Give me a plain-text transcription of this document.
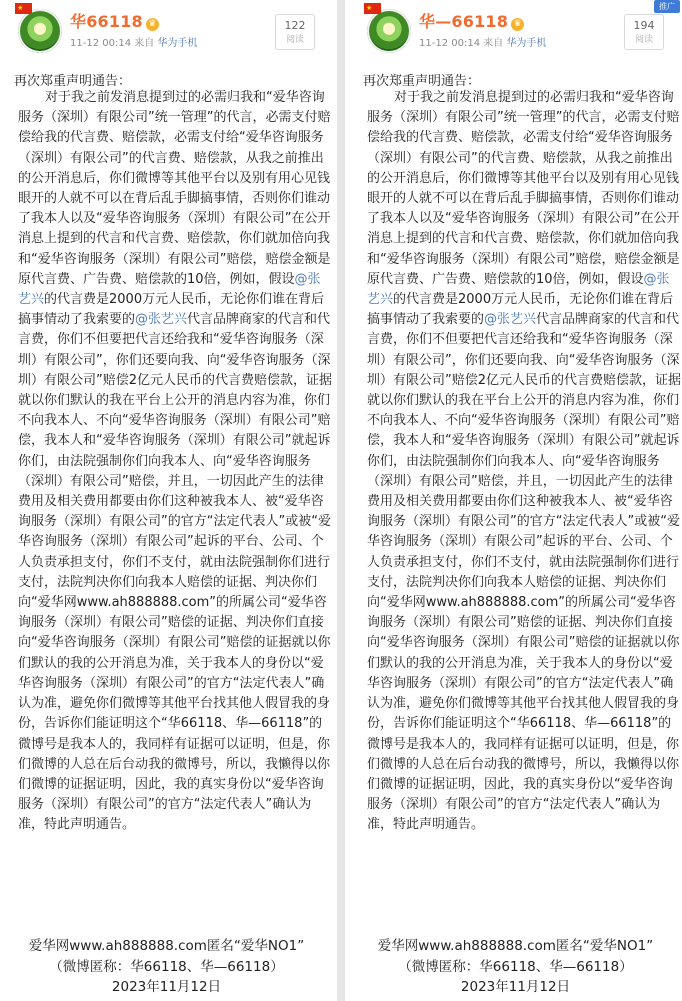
★
华66118 ♛
11-12 00:14 来自 华为手机
122
阅读
再次郑重声明通告：

对于我之前发消息提到过的必需归我和“爱华咨询服务（深圳）有限公司”统一管理”的代言，必需支付赔偿给我的代言费、赔偿款，必需支付给“爱华咨询服务（深圳）有限公司”的代言费、赔偿款，从我之前推出的公开消息后，你们微博等其他平台以及别有用心见钱眼开的人就不可以在背后乱手脚搞事情，否则你们谁动了我本人以及“爱华咨询服务（深圳）有限公司”在公开消息上提到的代言和代言费、赔偿款，你们就加倍向我和“爱华咨询服务（深圳）有限公司”赔偿，赔偿金额是原代言费、广告费、赔偿款的10倍，例如，假设@张艺兴的代言费是2000万元人民币，无论你们谁在背后搞事情动了我索要的@张艺兴代言品牌商家的代言和代言费，你们不但要把代言还给我和“爱华咨询服务（深圳）有限公司”，你们还要向我、向“爱华咨询服务（深圳）有限公司”赔偿2亿元人民币的代言费赔偿款，证据就以你们默认的我在平台上公开的消息内容为准，你们不向我本人、不向“爱华咨询服务（深圳）有限公司”赔偿，我本人和“爱华咨询服务（深圳）有限公司”就起诉你们，由法院强制你们向我本人、向“爱华咨询服务（深圳）有限公司”赔偿，并且，一切因此产生的法律费用及相关费用都要由你们这种被我本人、被“爱华咨询服务（深圳）有限公司”的官方“法定代表人”或被“爱华咨询服务（深圳）有限公司”起诉的平台、公司、个人负责承担支付，你们不支付，就由法院强制你们进行支付，法院判决你们向我本人赔偿的证据、判决你们向“爱华网www.ah888888.com”的所属公司“爱华咨询服务（深圳）有限公司”赔偿的证据、判决你们直接向“爱华咨询服务（深圳）有限公司”赔偿的证据就以你们默认的我的公开消息为准，关于我本人的身份以“爱华咨询服务（深圳）有限公司”的官方“法定代表人”确认为准，避免你们微博等其他平台找其他人假冒我的身份，告诉你们能证明这个“华66118、华—66118”的微博号是我本人的，我同样有证据可以证明，但是，你们微博的人总在后台动我的微博号，所以，我懒得以你们微博的证据证明，因此，我的真实身份以“爱华咨询服务（深圳）有限公司”的官方“法定代表人”确认为准，特此声明通告。

爱华网www.ah888888.com匿名“爱华NO1”
（微博匿称：华66118、华—66118）
2023年11月12日
★
华—66118 ♛
11-12 00:14 来自 华为手机
推广
194
阅读
再次郑重声明通告：

对于我之前发消息提到过的必需归我和“爱华咨询服务（深圳）有限公司”统一管理”的代言，必需支付赔偿给我的代言费、赔偿款，必需支付给“爱华咨询服务（深圳）有限公司”的代言费、赔偿款，从我之前推出的公开消息后，你们微博等其他平台以及别有用心见钱眼开的人就不可以在背后乱手脚搞事情，否则你们谁动了我本人以及“爱华咨询服务（深圳）有限公司”在公开消息上提到的代言和代言费、赔偿款，你们就加倍向我和“爱华咨询服务（深圳）有限公司”赔偿，赔偿金额是原代言费、广告费、赔偿款的10倍，例如，假设@张艺兴的代言费是2000万元人民币，无论你们谁在背后搞事情动了我索要的@张艺兴代言品牌商家的代言和代言费，你们不但要把代言还给我和“爱华咨询服务（深圳）有限公司”，你们还要向我、向“爱华咨询服务（深圳）有限公司”赔偿2亿元人民币的代言费赔偿款，证据就以你们默认的我在平台上公开的消息内容为准，你们不向我本人、不向“爱华咨询服务（深圳）有限公司”赔偿，我本人和“爱华咨询服务（深圳）有限公司”就起诉你们，由法院强制你们向我本人、向“爱华咨询服务（深圳）有限公司”赔偿，并且，一切因此产生的法律费用及相关费用都要由你们这种被我本人、被“爱华咨询服务（深圳）有限公司”的官方“法定代表人”或被“爱华咨询服务（深圳）有限公司”起诉的平台、公司、个人负责承担支付，你们不支付，就由法院强制你们进行支付，法院判决你们向我本人赔偿的证据、判决你们向“爱华网www.ah888888.com”的所属公司“爱华咨询服务（深圳）有限公司”赔偿的证据、判决你们直接向“爱华咨询服务（深圳）有限公司”赔偿的证据就以你们默认的我的公开消息为准，关于我本人的身份以“爱华咨询服务（深圳）有限公司”的官方“法定代表人”确认为准，避免你们微博等其他平台找其他人假冒我的身份，告诉你们能证明这个“华66118、华—66118”的微博号是我本人的，我同样有证据可以证明，但是，你们微博的人总在后台动我的微博号，所以，我懒得以你们微博的证据证明，因此，我的真实身份以“爱华咨询服务（深圳）有限公司”的官方“法定代表人”确认为准，特此声明通告。

爱华网www.ah888888.com匿名“爱华NO1”
（微博匿称：华66118、华—66118）
2023年11月12日
